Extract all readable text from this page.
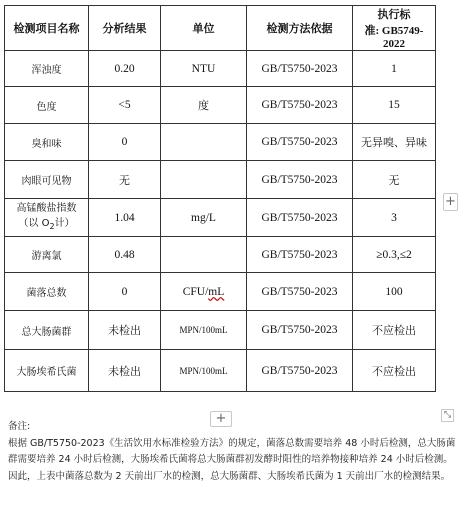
检测项目名称	分析结果	单位	检测方法依据	执行标
准: GB5749-2022

浑浊度	0.20	NTU	GB/T5750-2023	1
色度	<5	度	GB/T5750-2023	15
臭和味	0		GB/T5750-2023	无异嗅、异味
肉眼可见物	无		GB/T5750-2023	无

高锰酸盐指数
（以 $O_2$计）	1.04	mg/L	GB/T5750-2023	3
游离氯	0.48		GB/T5750-2023	≥0.3,≤2
菌落总数	0	CFU/mL	GB/T5750-2023	100
总大肠菌群	未检出	MPN/100mL	GB/T5750-2023	不应检出
大肠埃希氏菌	未检出	MPN/100mL	GB/T5750-2023	不应检出
+
+	⤡

备注:

根据 GB/T5750-2023《生活饮用水标准检验方法》的规定，菌落总数需要培养 48 小时后检测，总大肠菌群需要培养 24 小时后检测，大肠埃希氏菌将总大肠菌群初发酵时阳性的培养物接种培养 24 小时后检测。因此，上表中菌落总数为 2 天前出厂水的检测，总大肠菌群、大肠埃希氏菌为 1 天前出厂水的检测结果。
